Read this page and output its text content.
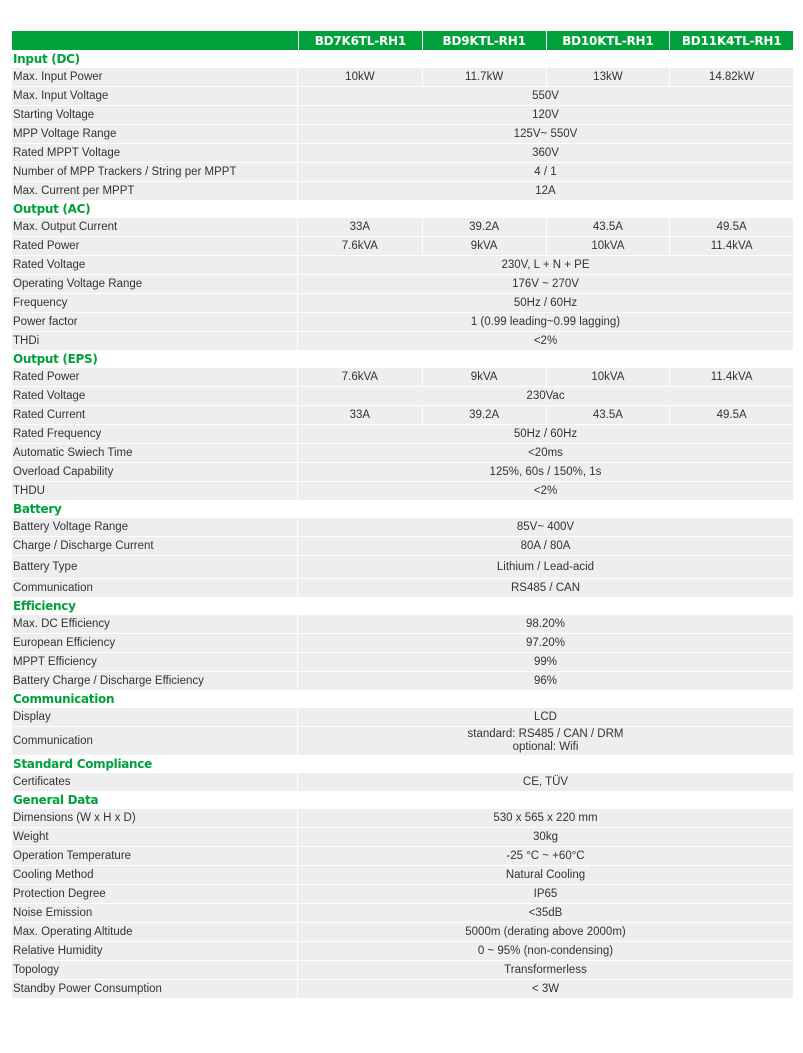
	BD7K6TL-RH1	BD9KTL-RH1	BD10KTL-RH1	BD11K4TL-RH1
Input (DC)				
Max. Input Power	10kW	11.7kW	13kW	14.82kW
Max. Input Voltage	550V			
Starting Voltage	120V			
MPP Voltage Range	125V~ 550V			
Rated MPPT Voltage	360V			
Number of MPP Trackers / String per MPPT	4 / 1			
Max. Current per MPPT	12A			
Output (AC)				
Max. Output Current	33A	39.2A	43.5A	49.5A
Rated Power	7.6kVA	9kVA	10kVA	11.4kVA
Rated Voltage	230V, L + N + PE			
Operating Voltage Range	176V ~ 270V			
Frequency	50Hz / 60Hz			
Power factor	1 (0.99 leading~0.99 lagging)			
THDi	<2%			
Output (EPS)				
Rated Power	7.6kVA	9kVA	10kVA	11.4kVA
Rated Voltage	230Vac			
Rated Current	33A	39.2A	43.5A	49.5A
Rated Frequency	50Hz / 60Hz			
Automatic Swiech Time	<20ms			
Overload Capability	125%, 60s / 150%, 1s			
THDU	<2%			
Battery				
Battery Voltage Range	85V~ 400V			
Charge / Discharge Current	80A / 80A			
Battery Type	Lithium / Lead-acid			
Communication	RS485 / CAN			
Efficiency				
Max. DC Efficiency	98.20%			
European Efficiency	97.20%			
MPPT Efficiency	99%			
Battery Charge / Discharge Efficiency	96%			
Communication				
Display	LCD			
Communication	standard: RS485 / CAN / DRM
optional: Wifi			

Standard Compliance				
Certificates	CE, TÜV			
General Data				
Dimensions (W x H x D)	530 x 565 x 220 mm			
Weight	30kg			
Operation Temperature	-25 °C ~ +60°C			
Cooling Method	Natural Cooling			
Protection Degree	IP65			
Noise Emission	<35dB			
Max. Operating Altitude	5000m (derating above 2000m)			
Relative Humidity	0 ~ 95% (non-condensing)			
Topology	Transformerless			
Standby Power Consumption	< 3W			
